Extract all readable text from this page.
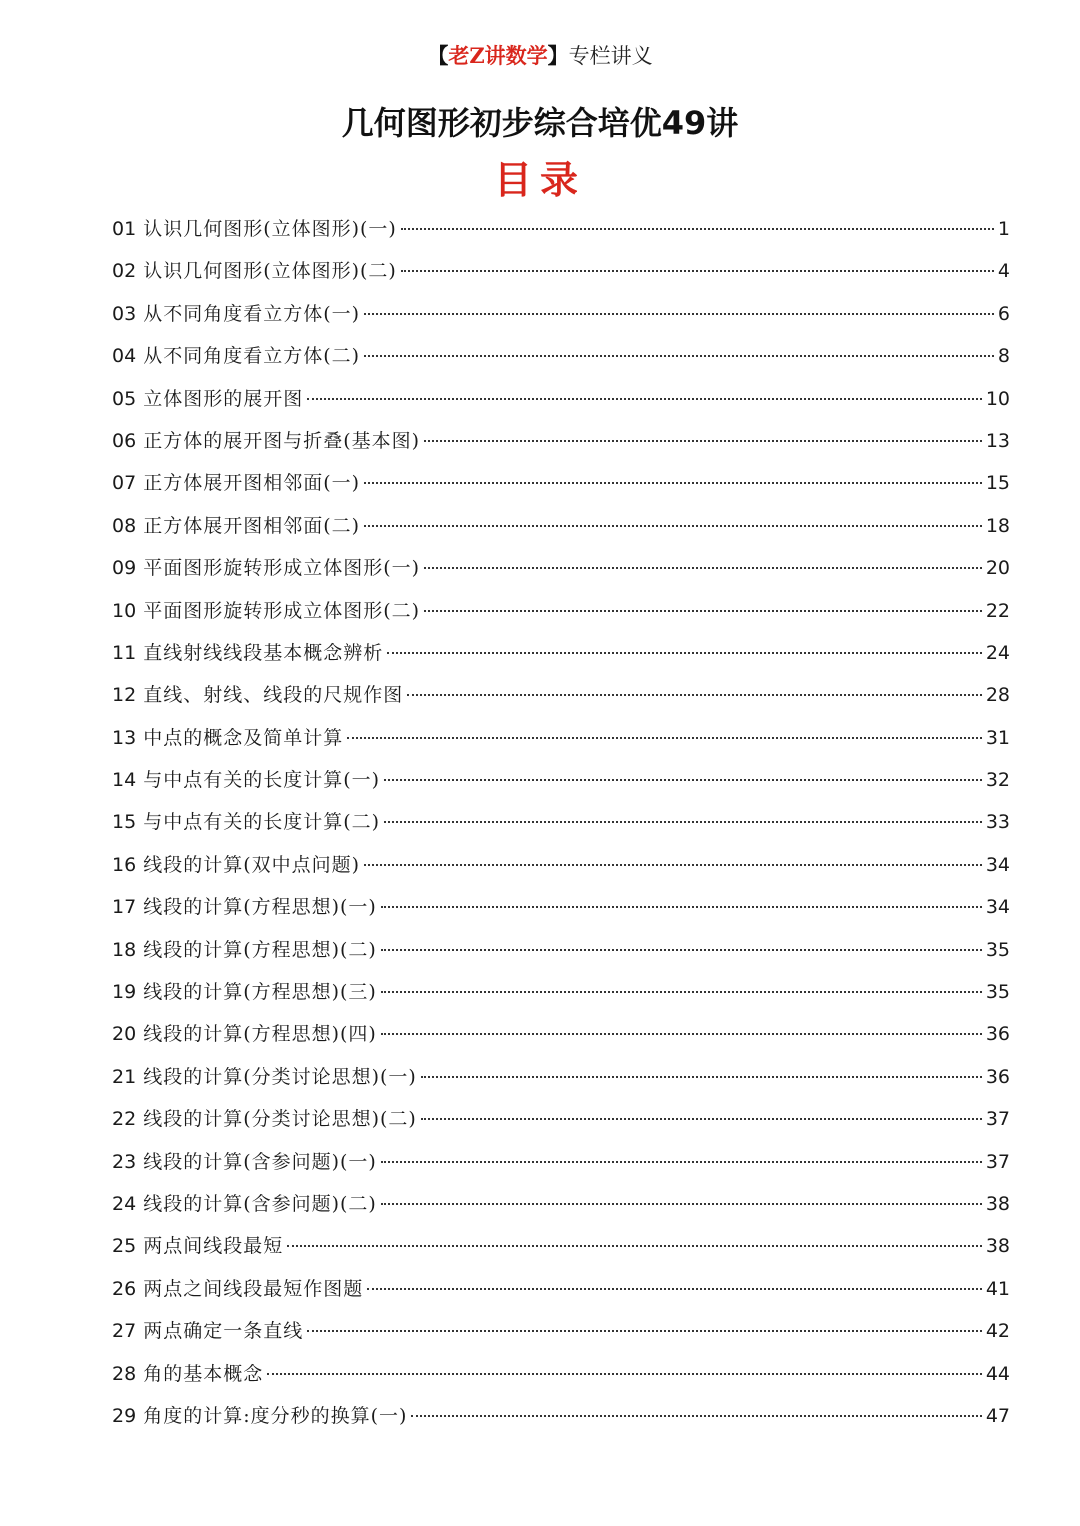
【老Z讲数学】专栏讲义
几何图形初步综合培优49讲
目录
01 认识几何图形(立体图形)(一)	1
02 认识几何图形(立体图形)(二)	4
03 从不同角度看立方体(一)	6
04 从不同角度看立方体(二)	8
05 立体图形的展开图	10
06 正方体的展开图与折叠(基本图)	13
07 正方体展开图相邻面(一)	15
08 正方体展开图相邻面(二)	18
09 平面图形旋转形成立体图形(一)	20
10 平面图形旋转形成立体图形(二)	22
11 直线射线线段基本概念辨析	24
12 直线、射线、线段的尺规作图	28
13 中点的概念及简单计算	31
14 与中点有关的长度计算(一)	32
15 与中点有关的长度计算(二)	33
16 线段的计算(双中点问题)	34
17 线段的计算(方程思想)(一)	34
18 线段的计算(方程思想)(二)	35
19 线段的计算(方程思想)(三)	35
20 线段的计算(方程思想)(四)	36
21 线段的计算(分类讨论思想)(一)	36
22 线段的计算(分类讨论思想)(二)	37
23 线段的计算(含参问题)(一)	37
24 线段的计算(含参问题)(二)	38
25 两点间线段最短	38
26 两点之间线段最短作图题	41
27 两点确定一条直线	42
28 角的基本概念	44
29 角度的计算:度分秒的换算(一)	47
